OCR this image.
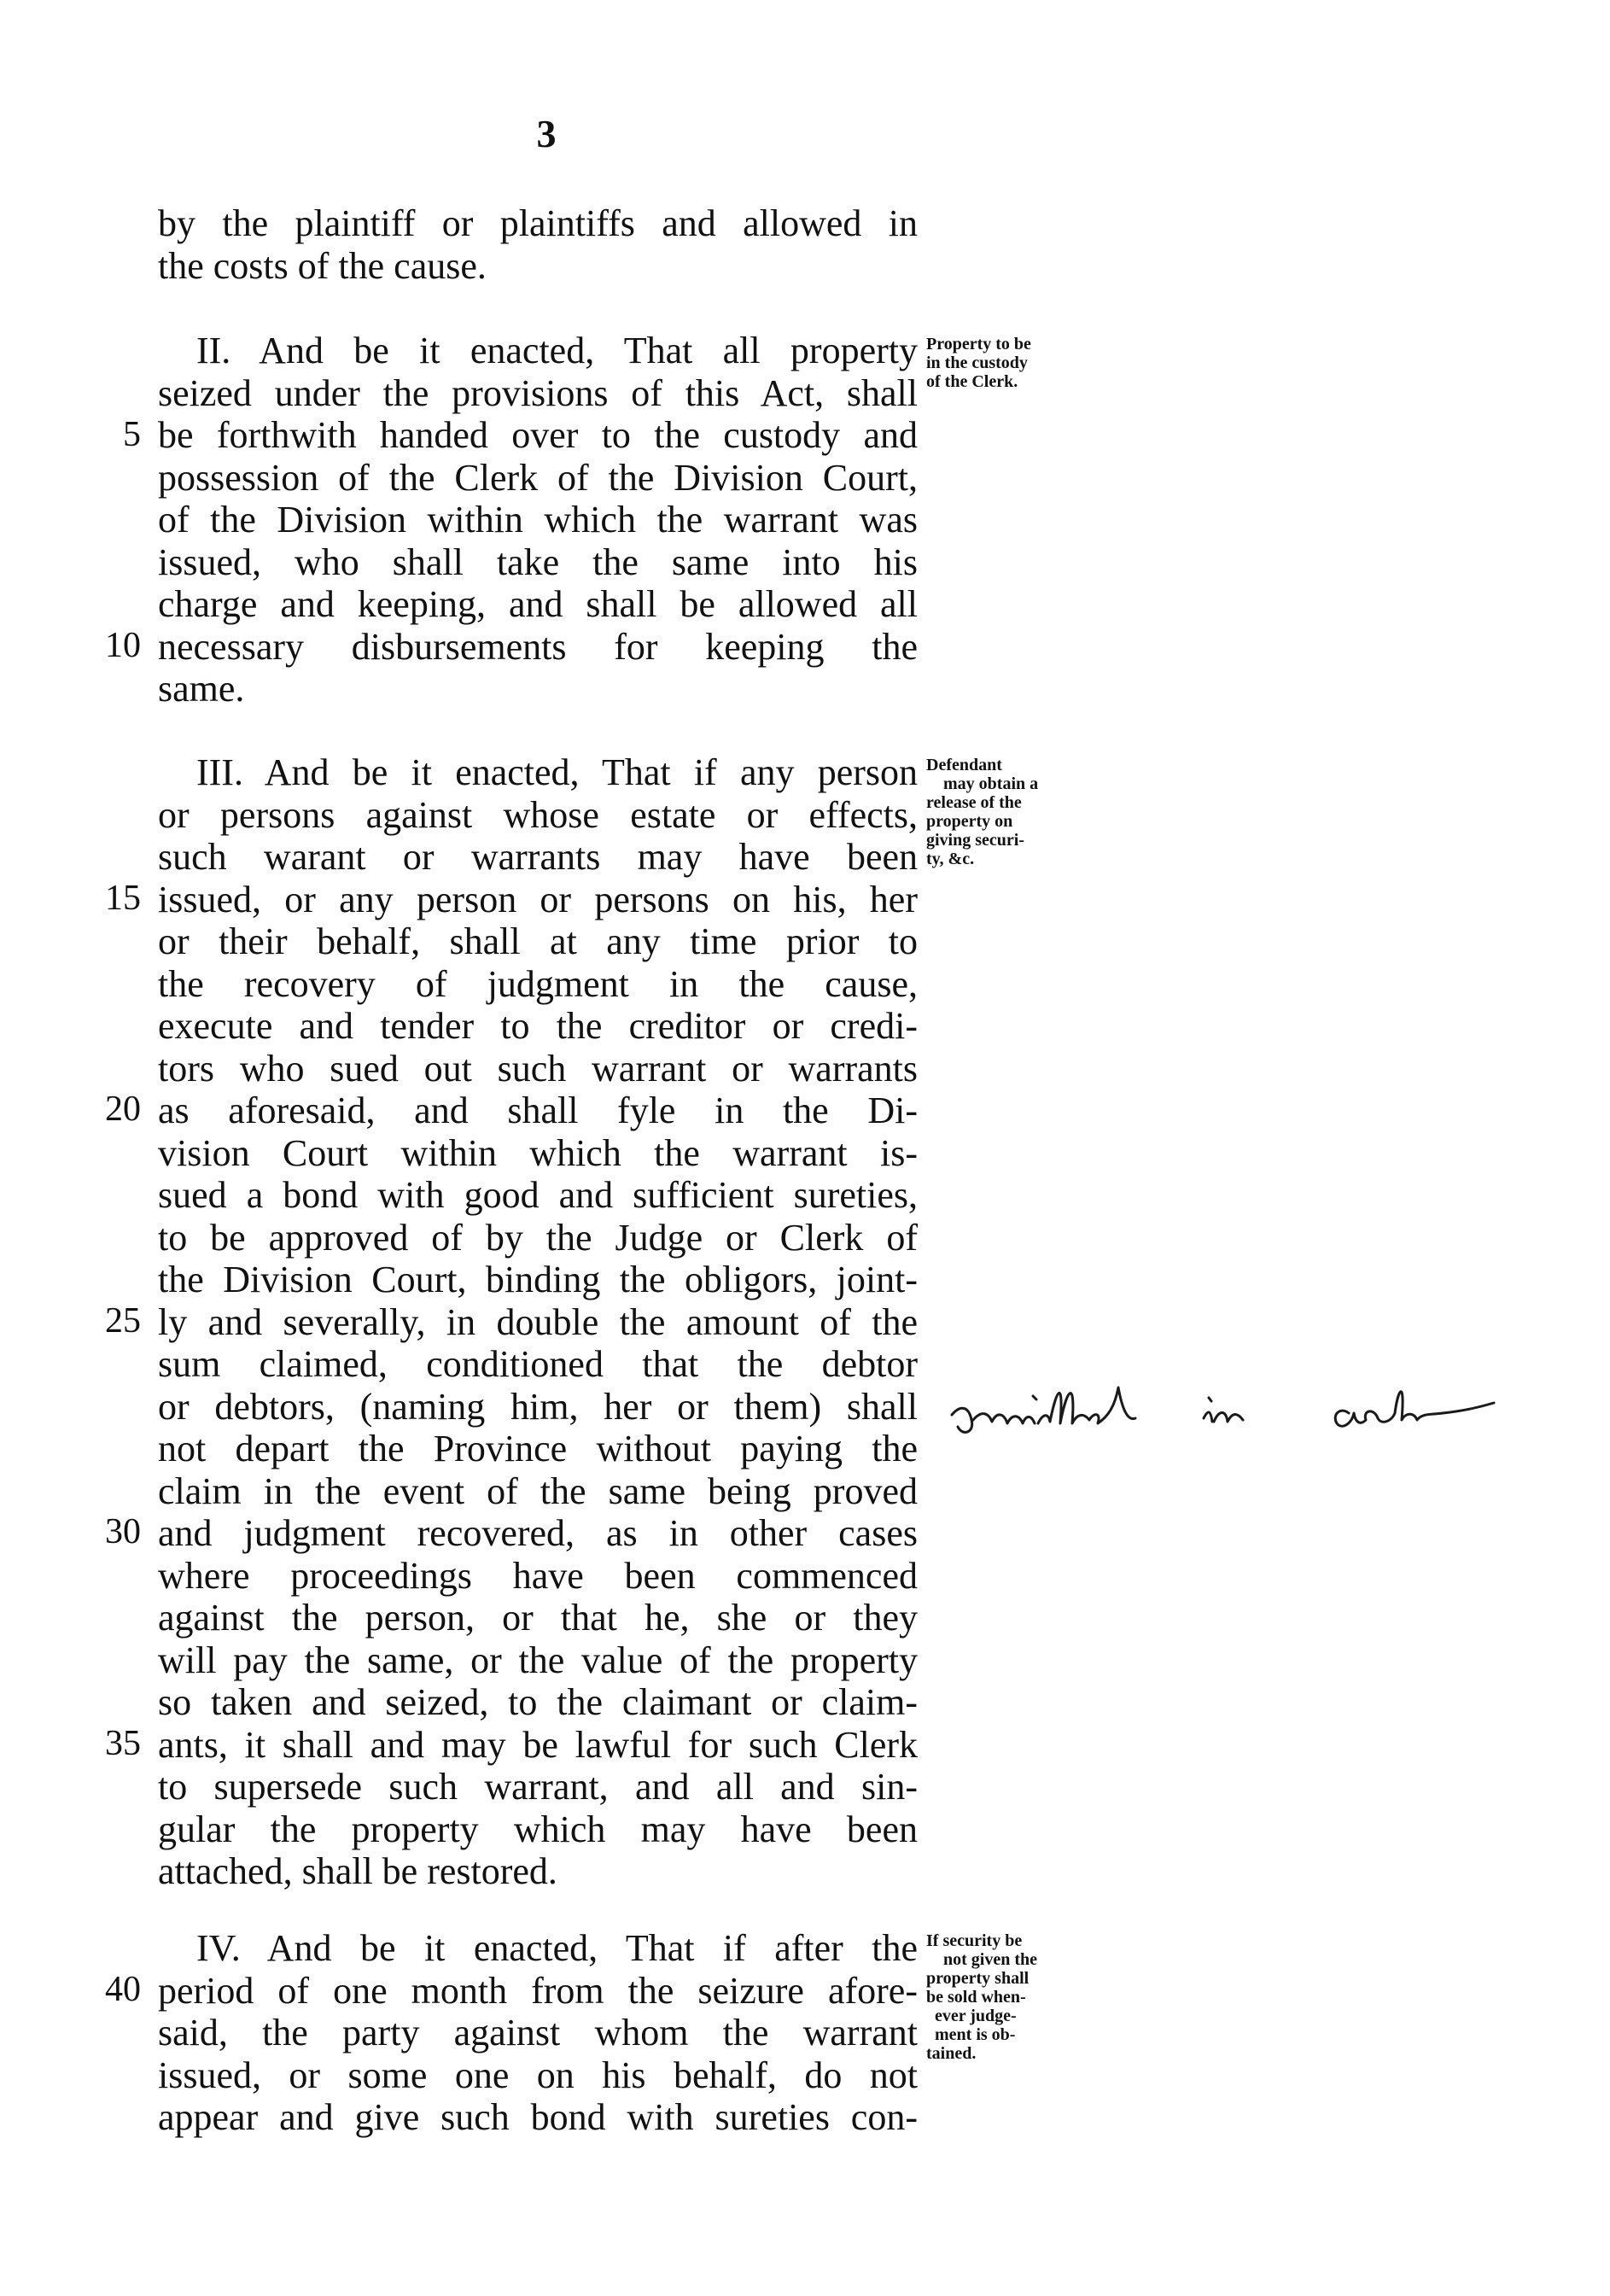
3
by the plaintiff or plaintiffs and allowed in
the costs of the cause.
II. And be it enacted, That all property
seized under the provisions of this Act, shall
be forthwith handed over to the custody and
possession of the Clerk of the Division Court,
of the Division within which the warrant was
issued, who shall take the same into his
charge and keeping, and shall be allowed all
necessary disbursements for keeping the
same.
III. And be it enacted, That if any person
or persons against whose estate or effects,
such warant or warrants may have been
issued, or any person or persons on his, her
or their behalf, shall at any time prior to
the recovery of judgment in the cause,
execute and tender to the creditor or credi-
tors who sued out such warrant or warrants
as aforesaid, and shall fyle in the Di-
vision Court within which the warrant is-
sued a bond with good and sufficient sureties,
to be approved of by the Judge or Clerk of
the Division Court, binding the obligors, joint-
ly and severally, in double the amount of the
sum claimed, conditioned that the debtor
or debtors, (naming him, her or them) shall
not depart the Province without paying the
claim in the event of the same being proved
and judgment recovered, as in other cases
where proceedings have been commenced
against the person, or that he, she or they
will pay the same, or the value of the property
so taken and seized, to the claimant or claim-
ants, it shall and may be lawful for such Clerk
to supersede such warrant, and all and sin-
gular the property which may have been
attached, shall be restored.
IV. And be it enacted, That if after the
period of one month from the seizure afore-
said, the party against whom the warrant
issued, or some one on his behalf, do not
appear and give such bond with sureties con-
5
10
15
20
25
30
35
40
Property to be
in the custody
of the Clerk.
Defendant
may obtain a
release of the
property on
giving securi-
ty, &c.
If security be
not given the
property shall
be sold when-
ever judge-
ment is ob-
tained.
